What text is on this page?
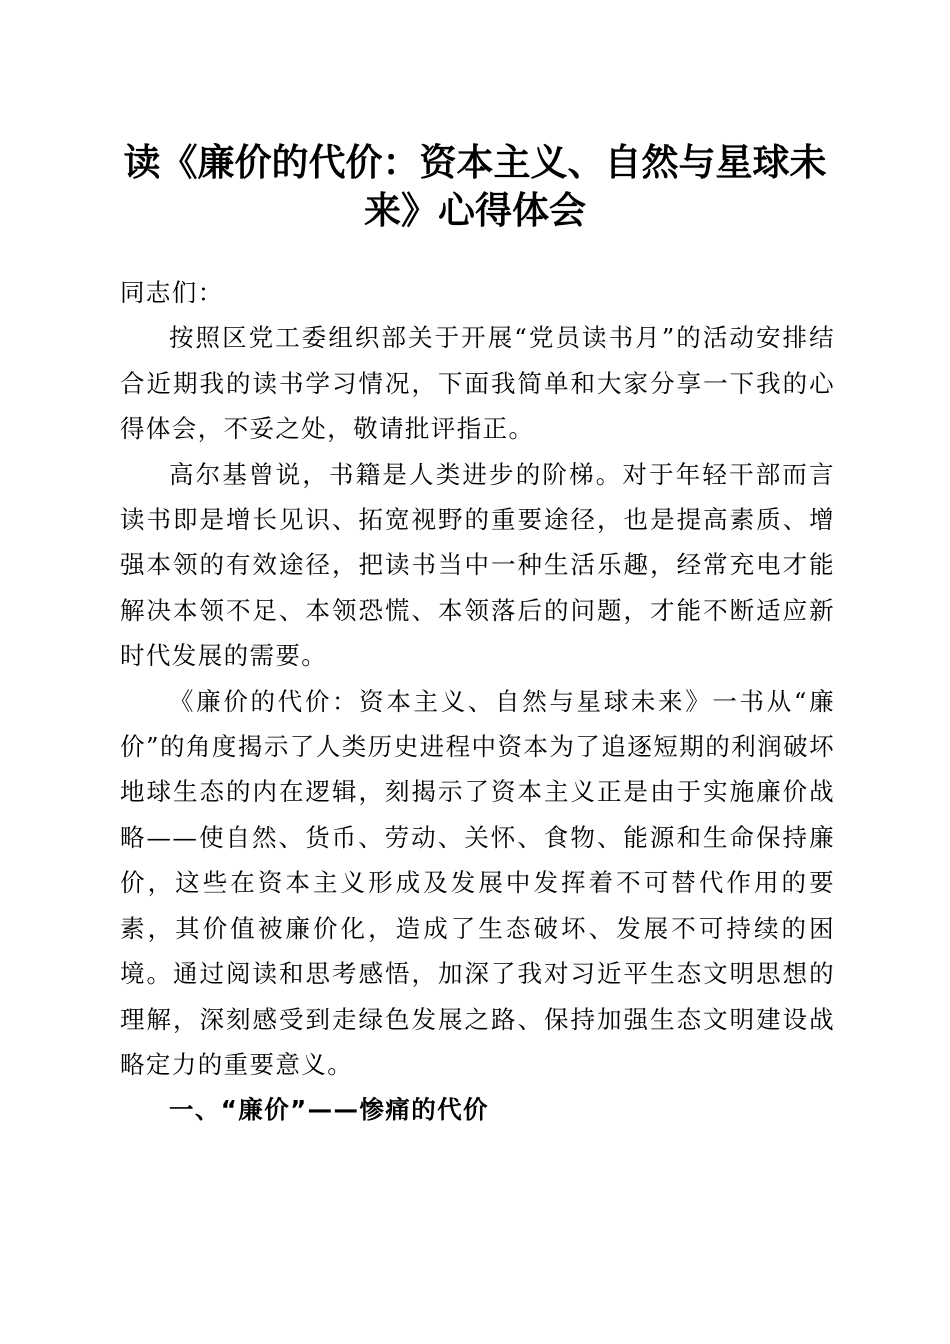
读《廉价的代价：资本主义、自然与星球未来》心得体会

同志们：

按照区党工委组织部关于开展“党员读书月”的活动安排结合近期我的读书学习情况，下面我简单和大家分享一下我的心得体会，不妥之处，敬请批评指正。

高尔基曾说，书籍是人类进步的阶梯。对于年轻干部而言读书即是增长见识、拓宽视野的重要途径，也是提高素质、增强本领的有效途径，把读书当中一种生活乐趣，经常充电才能解决本领不足、本领恐慌、本领落后的问题，才能不断适应新时代发展的需要。

《廉价的代价：资本主义、自然与星球未来》一书从“廉价”的角度揭示了人类历史进程中资本为了追逐短期的利润破坏地球生态的内在逻辑，刻揭示了资本主义正是由于实施廉价战略——使自然、货币、劳动、关怀、食物、能源和生命保持廉价，这些在资本主义形成及发展中发挥着不可替代作用的要素，其价值被廉价化，造成了生态破坏、发展不可持续的困境。通过阅读和思考感悟，加深了我对习近平生态文明思想的理解，深刻感受到走绿色发展之路、保持加强生态文明建设战略定力的重要意义。

一、“廉价”——惨痛的代价
